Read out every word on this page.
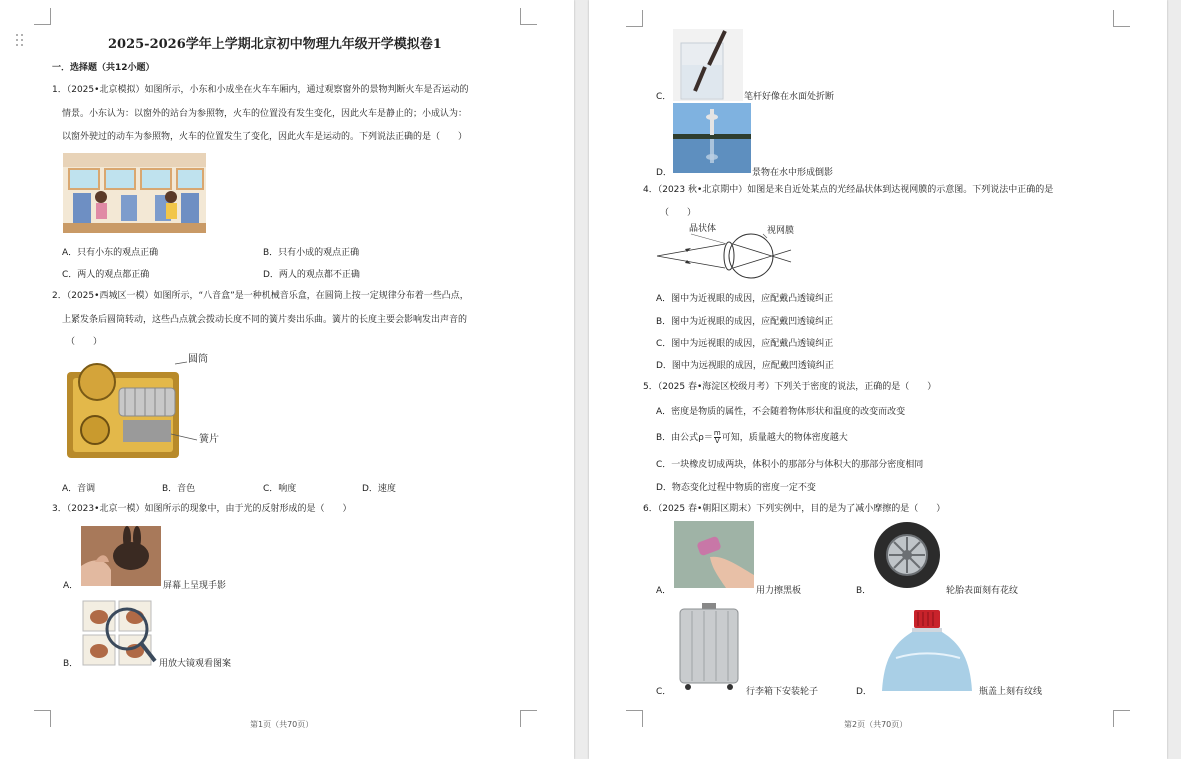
2025-2026学年上学期北京初中物理九年级开学模拟卷1
一．选择题（共12小题）
1．（2025•北京模拟）如图所示，小东和小成坐在火车车厢内，通过观察窗外的景物判断火车是否运动的
情景。小东认为：以窗外的站台为参照物，火车的位置没有发生变化，因此火车是静止的；小成认为：
以窗外驶过的动车为参照物，火车的位置发生了变化，因此火车是运动的。下列说法正确的是（　　）
A．只有小东的观点正确	B．只有小成的观点正确
C．两人的观点都正确	D．两人的观点都不正确
2．（2025•西城区一模）如图所示，“八音盒”是一种机械音乐盒，在圆筒上按一定规律分布着一些凸点，
上紧发条后圆筒转动，这些凸点就会拨动长度不同的簧片奏出乐曲。簧片的长度主要会影响发出声音的
（　　）
圆筒
簧片
A．音调	B．音色	C．响度	D．速度
3．（2023•北京一模）如图所示的现象中，由于光的反射形成的是（　　）
A．	屏幕上呈现手影
B．	用放大镜观看图案
第1页（共70页）
C．	笔杆好像在水面处折断
D．	景物在水中形成倒影
4．（2023 秋•北京期中）如图是来自近处某点的光经晶状体到达视网膜的示意图。下列说法中正确的是
（　　）
晶状体	视网膜
A．图中为近视眼的成因，应配戴凸透镜纠正
B．图中为近视眼的成因，应配戴凹透镜纠正
C．图中为远视眼的成因，应配戴凸透镜纠正
D．图中为远视眼的成因，应配戴凹透镜纠正
5．（2025 春•海淀区校级月考）下列关于密度的说法，正确的是（　　）
A．密度是物质的属性，不会随着物体形状和温度的改变而改变
B．由公式$\rho= \frac{m}{V}$ 可知，质量越大的物体密度越大
C．一块橡皮切成两块，体积小的那部分与体积大的那部分密度相同
D．物态变化过程中物质的密度一定不变
6．（2025 春•朝阳区期末）下列实例中，目的是为了减小摩擦的是（　　）
A．	用力擦黑板	B．	轮胎表面刻有花纹
C．	行李箱下安装轮子	D．	瓶盖上刻有纹线
第2页（共70页）
